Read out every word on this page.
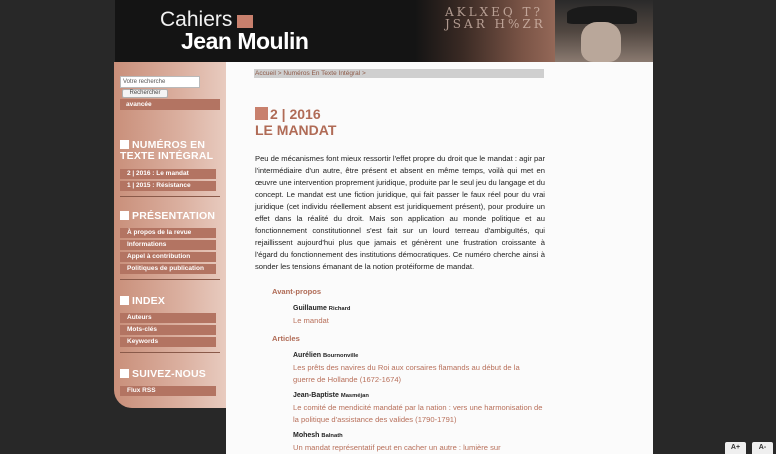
AKLXEQ T? JSAR H%ZR
Cahiers
Jean Moulin
Votre recherche
Rechercher
avancée
NUMÉROS EN TEXTE INTÉGRAL
2 | 2016 : Le mandat
1 | 2015 : Résistance
PRÉSENTATION
À propos de la revue
Informations
Appel à contribution
Politiques de publication
INDEX
Auteurs
Mots-clés
Keywords
SUIVEZ-NOUS
Flux RSS
Accueil > Numéros En Texte Intégral >
2 | 2016
LE MANDAT
Peu de mécanismes font mieux ressortir l'effet propre du droit que le mandat : agir par l'intermédiaire d'un autre, être présent et absent en même temps, voilà qui met en œuvre une intervention proprement juridique, produite par le seul jeu du langage et du concept. Le mandat est une fiction juridique, qui fait passer le faux réel pour du vrai juridique (cet individu réellement absent est juridiquement présent), pour produire un effet dans la réalité du droit. Mais son application au monde politique et au fonctionnement constitutionnel s'est fait sur un lourd terreau d'ambiguïtés, qui rejaillissent aujourd'hui plus que jamais et génèrent une frustration croissante à l'égard du fonctionnement des institutions démocratiques. Ce numéro cherche ainsi à sonder les tensions émanant de la notion protéiforme de mandat.
Avant-propos
Guillaume Richard
Le mandat
Articles
Aurélien Bournonville
Les prêts des navires du Roi aux corsaires flamands au début de la guerre de Hollande (1672-1674)
Jean-Baptiste Masméjan
Le comité de mendicité mandaté par la nation : vers une harmonisation de la politique d'assistance des valides (1790-1791)
Mohesh Balnath
Un mandat représentatif peut en cacher un autre : lumière sur	A+	A-
